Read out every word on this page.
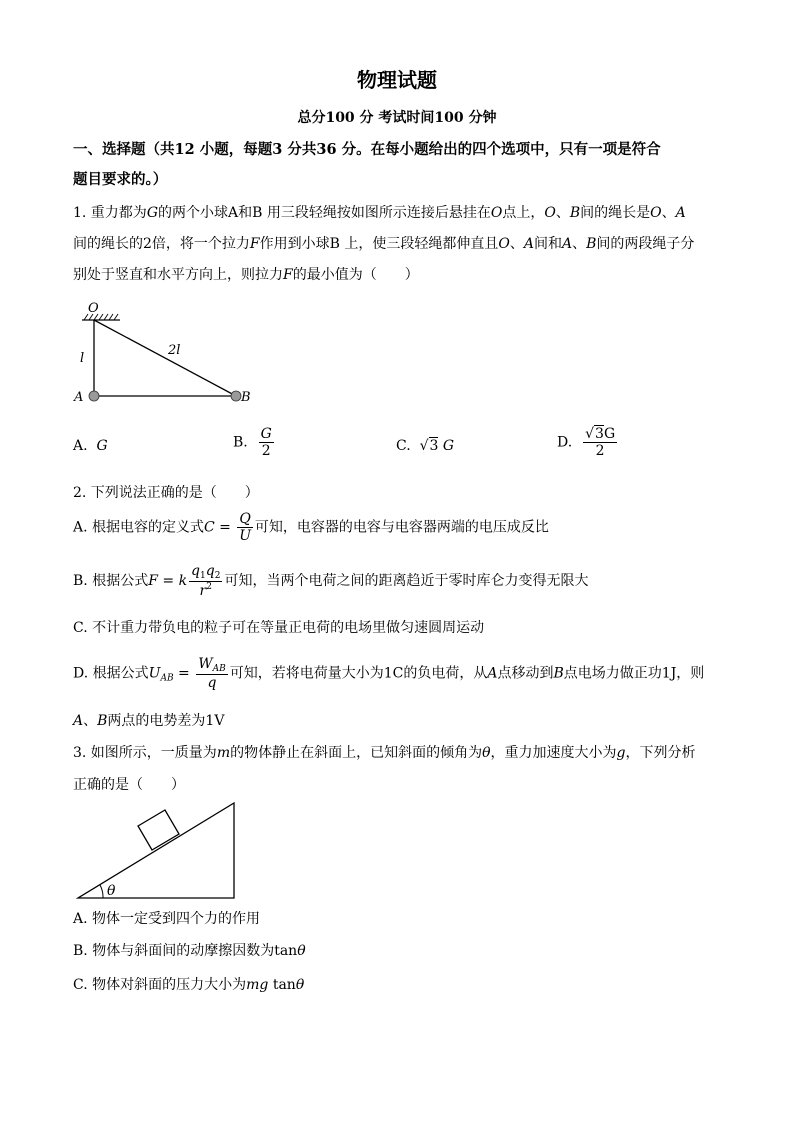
物理试题
总分100 分 考试时间100 分钟
一、选择题（共12 小题，每题3 分共36 分。在每小题给出的四个选项中，只有一项是符合
题目要求的。）
1. 重力都为G的两个小球A和B 用三段轻绳按如图所示连接后悬挂在O点上，O、B间的绳长是O、A
间的绳长的2倍，将一个拉力F作用到小球B 上，使三段轻绳都伸直且O、A间和A、B间的两段绳子分
别处于竖直和水平方向上，则拉力F的最小值为（　　）
O
A	B
l
2l
A. G	B. $\frac{G}{2}$	C.  √3 G	D. $\frac{√3G}{2}$
2. 下列说法正确的是（　　）
A. 根据电容的定义式$C = \frac{Q}{U}$ 可知，电容器的电容与电容器两端的电压成反比
B. 根据公式F = k $\frac{q_1q_2}{r^2}$ 可知，当两个电荷之间的距离趋近于零时库仑力变得无限大
C. 不计重力带负电的粒子可在等量正电荷的电场里做匀速圆周运动
D. 根据公式$U_{AB} = \frac{W_{AB}}{q}$ 可知，若将电荷量大小为1C的负电荷，从A点移动到B点电场力做正功1J，则
A、B两点的电势差为1V
3. 如图所示，一质量为m的物体静止在斜面上，已知斜面的倾角为θ，重力加速度大小为g，下列分析
正确的是（　　）
θ
A. 物体一定受到四个力的作用
B. 物体与斜面间的动摩擦因数为tanθ
C. 物体对斜面的压力大小为mg tanθ
